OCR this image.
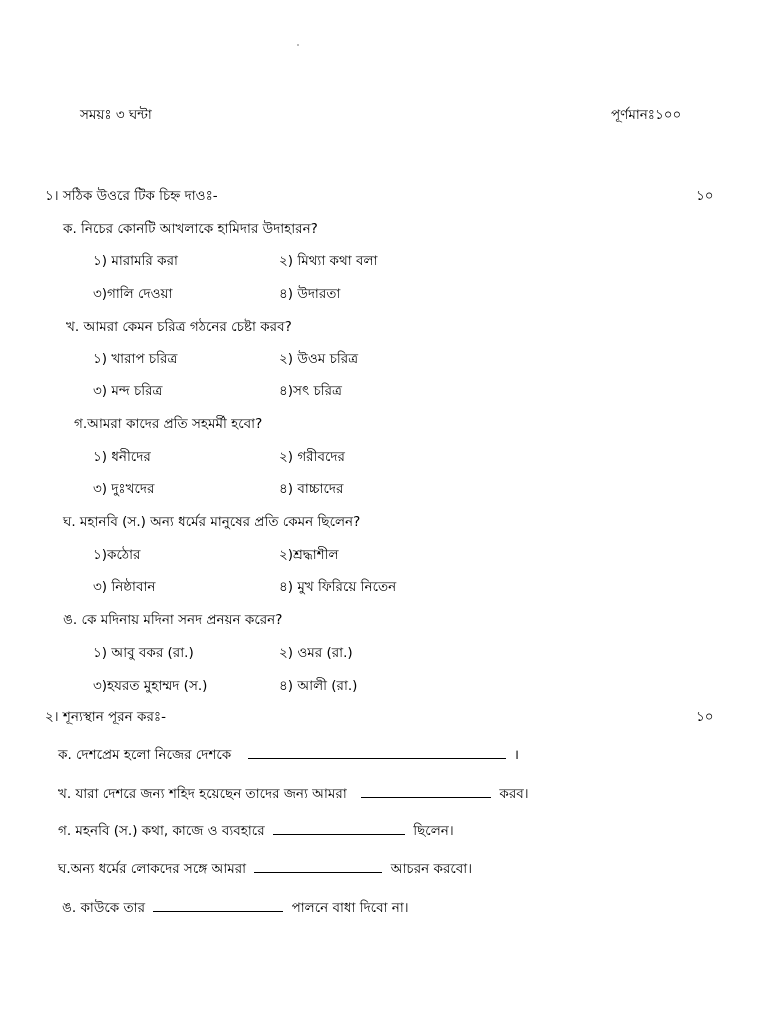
সময়ঃ ৩ ঘন্টা	পূর্ণমানঃ১০০
১। সঠিক উওরে টিক চিহ্ন দাওঃ-	১০
ক. নিচের কোনটি আখলাকে হামিদার উদাহারন?
১) মারামরি করা	২) মিথ্যা কথা বলা
৩)গালি দেওয়া	৪) উদারতা
খ. আমরা কেমন চরিত্র গঠনের চেষ্টা করব?
১) খারাপ চরিত্র	২) উওম চরিত্র
৩) মন্দ চরিত্র	৪)সৎ চরিত্র
গ.আমরা কাদের প্রতি সহমর্মী হবো?
১) ধনীদের	২) গরীবদের
৩) দুঃখদের	৪) বাচ্চাদের
ঘ. মহানবি (স.) অন্য ধর্মের মানুষের প্রতি কেমন ছিলেন?
১)কঠোর	২)শ্রদ্ধাশীল
৩) নিষ্ঠাবান	৪) মুখ ফিরিয়ে নিতেন
ঙ. কে মদিনায় মদিনা সনদ প্রনয়ন করেন?
১) আবু বকর (রা.)	২) ওমর (রা.)
৩)হযরত মুহাম্মদ (স.)	৪) আলী (রা.)
২। শূন্যস্থান পূরন করঃ-	১০
ক. দেশপ্রেম হলো নিজের দেশকে	।
খ. যারা দেশরে জন্য শহিদ হয়েছেন তাদের জন্য আমরা	করব।
গ. মহনবি (স.) কথা, কাজে ও ব্যবহারে	ছিলেন।
ঘ.অন্য ধর্মের লোকদের সঙ্গে আমরা	আচরন করবো।
ঙ. কাউকে তার	পালনে বাধা দিবো না।
